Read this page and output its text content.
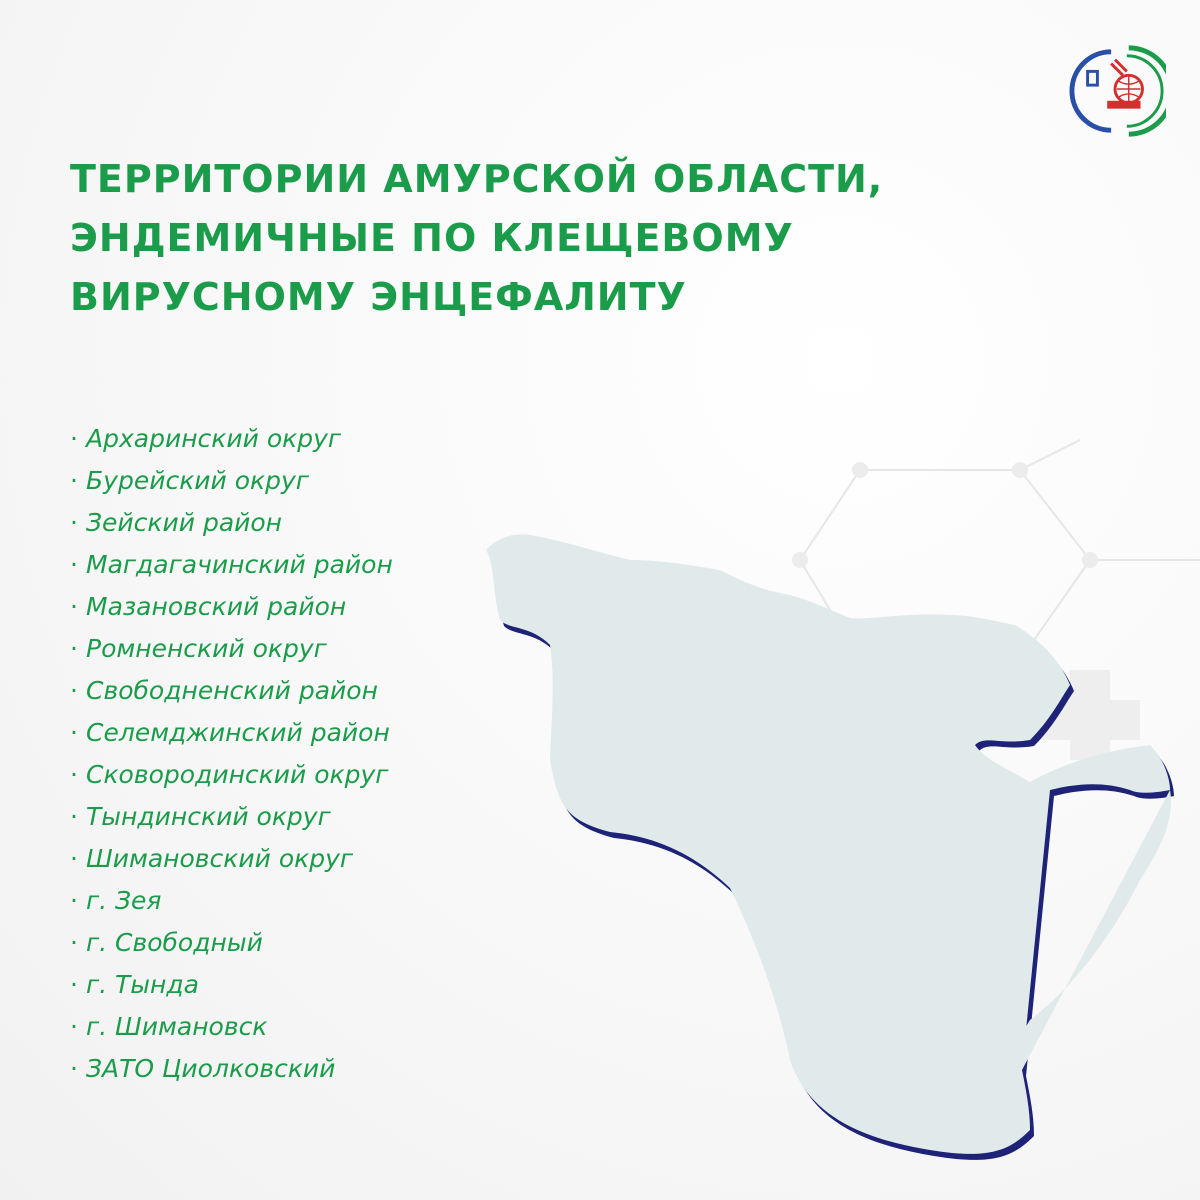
ТЕРРИТОРИИ АМУРСКОЙ ОБЛАСТИ,
ЭНДЕМИЧНЫЕ ПО КЛЕЩЕВОМУ
ВИРУСНОМУ ЭНЦЕФАЛИТУ
· Архаринский округ
· Бурейский округ
· Зейский район
· Магдагачинский район
· Мазановский район
· Ромненский округ
· Свободненский район
· Селемджинский район
· Сковородинский округ
· Тындинский округ
· Шимановский округ
· г. Зея
· г. Свободный
· г. Тында
· г. Шимановск
· ЗАТО Циолковский
